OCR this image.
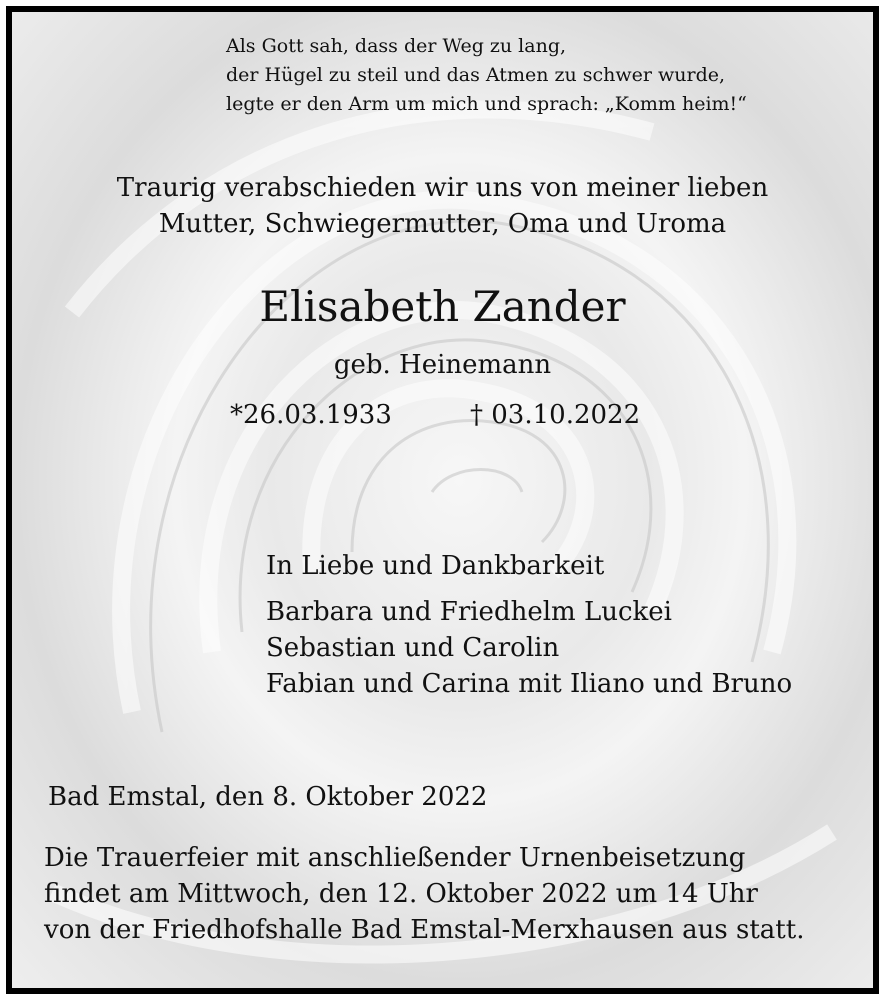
Als Gott sah, dass der Weg zu lang,
der Hügel zu steil und das Atmen zu schwer wurde,
legte er den Arm um mich und sprach: „Komm heim!“
Traurig verabschieden wir uns von meiner lieben
Mutter, Schwiegermutter, Oma und Uroma
Elisabeth Zander
geb. Heinemann
*26.03.1933	† 03.10.2022
In Liebe und Dankbarkeit
Barbara und Friedhelm Luckei
Sebastian und Carolin
Fabian und Carina mit Iliano und Bruno
Bad Emstal, den 8. Oktober 2022
Die Trauerfeier mit anschließender Urnenbeisetzung
findet am Mittwoch, den 12. Oktober 2022 um 14 Uhr
von der Friedhofshalle Bad Emstal-Merxhausen aus statt.
